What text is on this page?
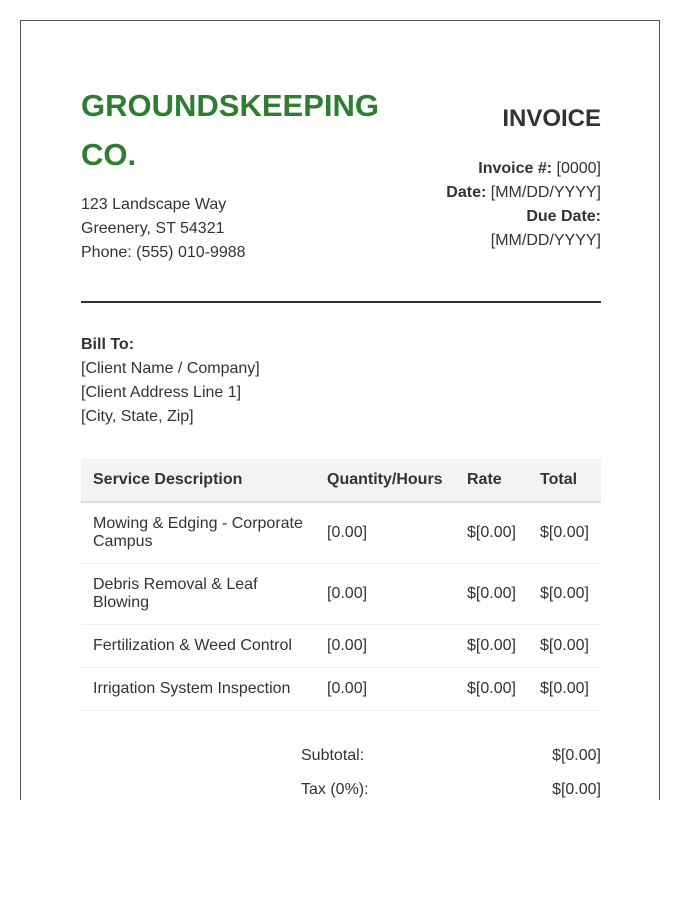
GROUNDSKEEPING CO.
123 Landscape Way
Greenery, ST 54321
Phone: (555) 010-9988
INVOICE
Invoice #: [0000]
Date: [MM/DD/YYYY]
Due Date:
[MM/DD/YYYY]
Bill To:
[Client Name / Company]
[Client Address Line 1]
[City, State, Zip]
Service Description	Quantity/Hours	Rate	Total
Mowing & Edging - Corporate Campus	[0.00]	$[0.00]	$[0.00]
Debris Removal & Leaf Blowing	[0.00]	$[0.00]	$[0.00]
Fertilization & Weed Control	[0.00]	$[0.00]	$[0.00]
Irrigation System Inspection	[0.00]	$[0.00]	$[0.00]
Subtotal:	$[0.00]
Tax (0%):	$[0.00]
